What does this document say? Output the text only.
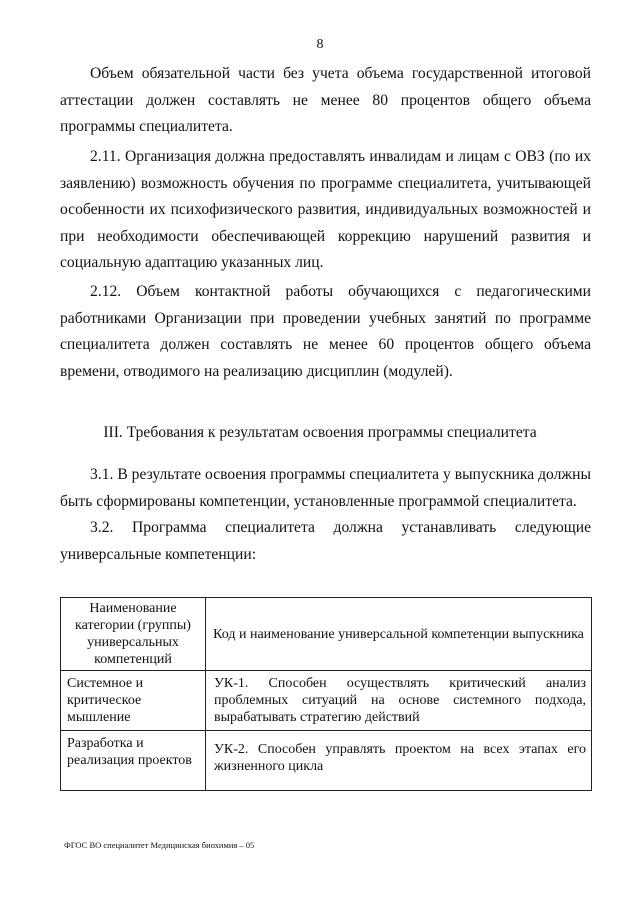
8
Объем обязательной части без учета объема государственной итоговой аттестации должен составлять не менее 80 процентов общего объема программы специалитета.
2.11. Организация должна предоставлять инвалидам и лицам с ОВЗ (по их заявлению) возможность обучения по программе специалитета, учитывающей особенности их психофизического развития, индивидуальных возможностей и при необходимости обеспечивающей коррекцию нарушений развития и социальную адаптацию указанных лиц.
2.12. Объем контактной работы обучающихся с педагогическими работниками Организации при проведении учебных занятий по программе специалитета должен составлять не менее 60 процентов общего объема времени, отводимого на реализацию дисциплин (модулей).
III. Требования к результатам освоения программы специалитета
3.1. В результате освоения программы специалитета у выпускника должны быть сформированы компетенции, установленные программой специалитета.
3.2. Программа специалитета должна устанавливать следующие универсальные компетенции:
Наименование категории (группы) универсальных компетенций	Код и наименование универсальной компетенции выпускника
Системное и критическое мышление	УК-1. Способен осуществлять критический анализ проблемных ситуаций на основе системного подхода, вырабатывать стратегию действий
Разработка и реализация проектов	УК-2. Способен управлять проектом на всех этапах его жизненного цикла
ФГОС ВО специалитет Медицинская биохимия – 05
